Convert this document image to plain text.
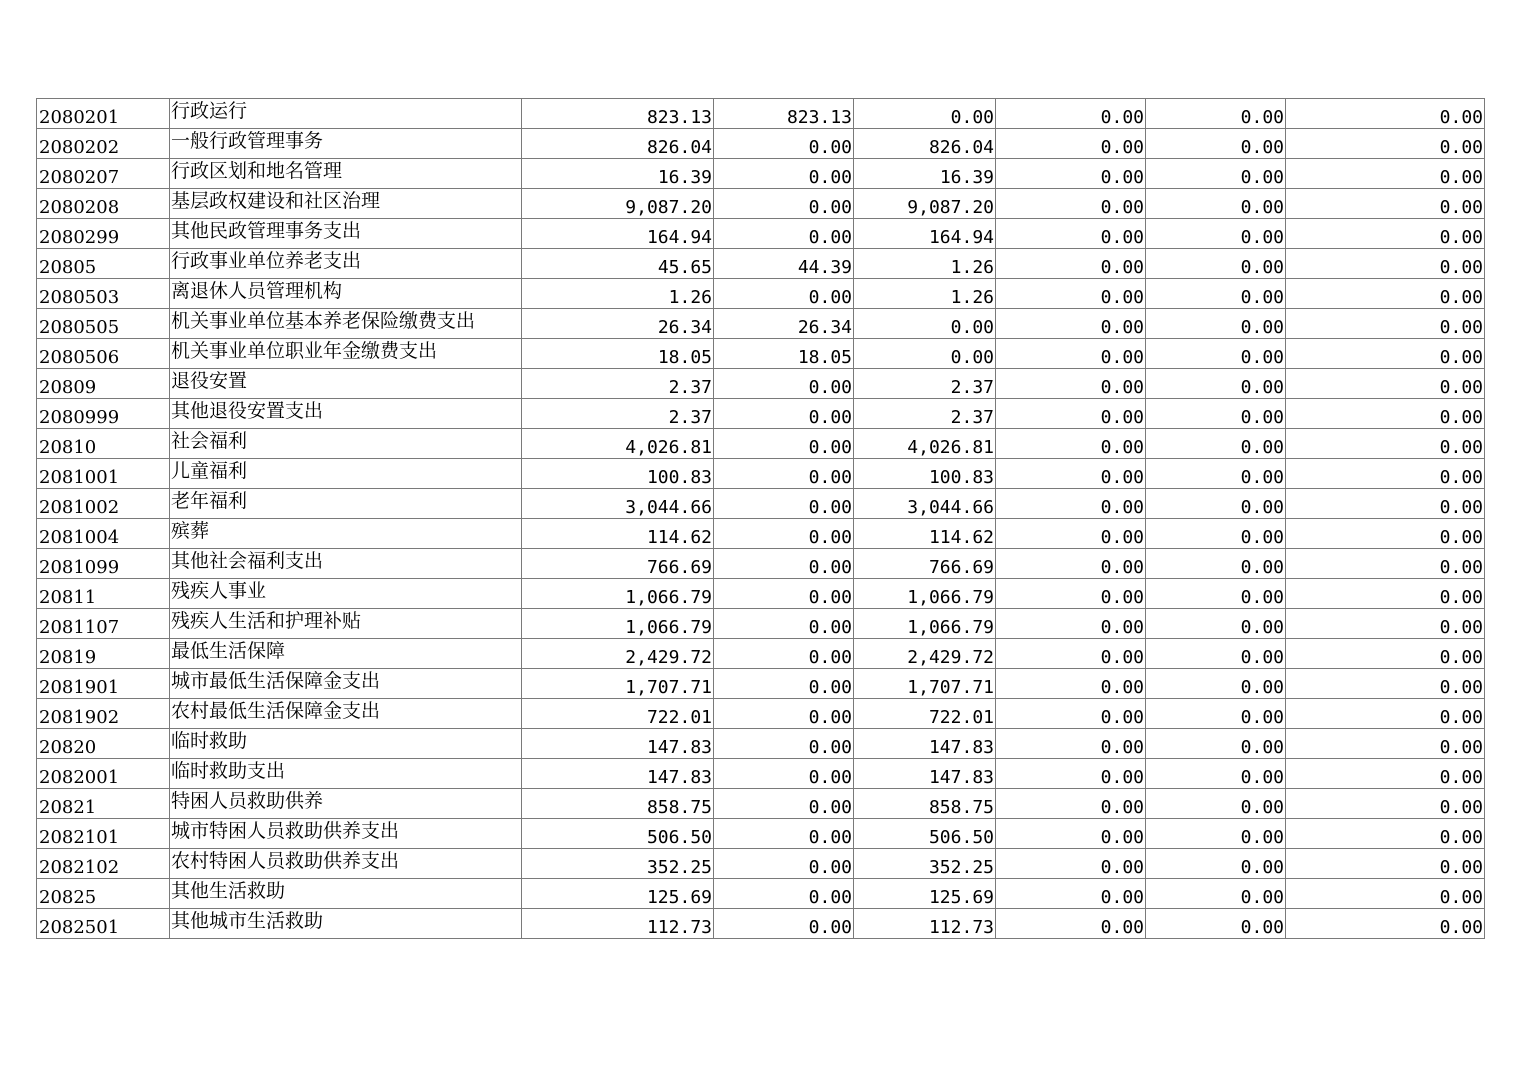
2080201	行政运行	823.13	823.13	0.00	0.00	0.00	0.00
2080202	一般行政管理事务	826.04	0.00	826.04	0.00	0.00	0.00
2080207	行政区划和地名管理	16.39	0.00	16.39	0.00	0.00	0.00
2080208	基层政权建设和社区治理	9,087.20	0.00	9,087.20	0.00	0.00	0.00
2080299	其他民政管理事务支出	164.94	0.00	164.94	0.00	0.00	0.00
20805	行政事业单位养老支出	45.65	44.39	1.26	0.00	0.00	0.00
2080503	离退休人员管理机构	1.26	0.00	1.26	0.00	0.00	0.00
2080505	机关事业单位基本养老保险缴费支出	26.34	26.34	0.00	0.00	0.00	0.00
2080506	机关事业单位职业年金缴费支出	18.05	18.05	0.00	0.00	0.00	0.00
20809	退役安置	2.37	0.00	2.37	0.00	0.00	0.00
2080999	其他退役安置支出	2.37	0.00	2.37	0.00	0.00	0.00
20810	社会福利	4,026.81	0.00	4,026.81	0.00	0.00	0.00
2081001	儿童福利	100.83	0.00	100.83	0.00	0.00	0.00
2081002	老年福利	3,044.66	0.00	3,044.66	0.00	0.00	0.00
2081004	殡葬	114.62	0.00	114.62	0.00	0.00	0.00
2081099	其他社会福利支出	766.69	0.00	766.69	0.00	0.00	0.00
20811	残疾人事业	1,066.79	0.00	1,066.79	0.00	0.00	0.00
2081107	残疾人生活和护理补贴	1,066.79	0.00	1,066.79	0.00	0.00	0.00
20819	最低生活保障	2,429.72	0.00	2,429.72	0.00	0.00	0.00
2081901	城市最低生活保障金支出	1,707.71	0.00	1,707.71	0.00	0.00	0.00
2081902	农村最低生活保障金支出	722.01	0.00	722.01	0.00	0.00	0.00
20820	临时救助	147.83	0.00	147.83	0.00	0.00	0.00
2082001	临时救助支出	147.83	0.00	147.83	0.00	0.00	0.00
20821	特困人员救助供养	858.75	0.00	858.75	0.00	0.00	0.00
2082101	城市特困人员救助供养支出	506.50	0.00	506.50	0.00	0.00	0.00
2082102	农村特困人员救助供养支出	352.25	0.00	352.25	0.00	0.00	0.00
20825	其他生活救助	125.69	0.00	125.69	0.00	0.00	0.00
2082501	其他城市生活救助	112.73	0.00	112.73	0.00	0.00	0.00
